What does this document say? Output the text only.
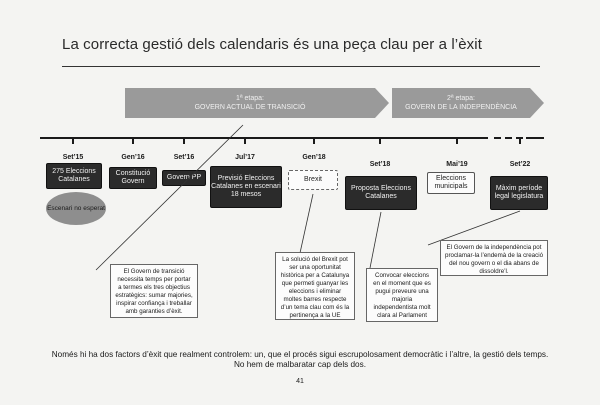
La correcta gestió dels calendaris és una peça clau per a l’èxit
1ª etapa:
GOVERN ACTUAL DE TRANSICIÓ
2ª etapa:
GOVERN DE LA INDEPENDÈNCIA
Set’15	Gen’16	Set’16	Jul’17	Gen’18
Set’18	Mai’19	Set’22
275 Eleccions Catalanes
Escenari no esperat
Constitució Govern
Govern PP	Previsió Eleccions Catalanes en escenari 18 mesos
Brexit
Proposta Eleccions Catalanes
Eleccions municipals	Màxim període legal legislatura
El Govern de transició necessita temps per portar a termes els tres objectius estratègics: sumar majories, inspirar confiança i treballar amb garanties d’èxit.
La solució del Brexit pot ser una oportunitat històrica per a Catalunya que permeti guanyar les eleccions i eliminar moltes barres respecte d’un tema clau com és la pertinença a la UE
Convocar eleccions en el moment que es pugui preveure una majoria independentista molt clara al Parlament
El Govern de la independència pot proclamar-la l’endemà de la creació del nou govern o el dia abans de dissoldre’l.
Només hi ha dos factors d’èxit que realment controlem: un, que el procés sigui escrupolosament democràtic i l’altre, la gestió dels temps.
No hem de malbaratar cap dels dos.
41
